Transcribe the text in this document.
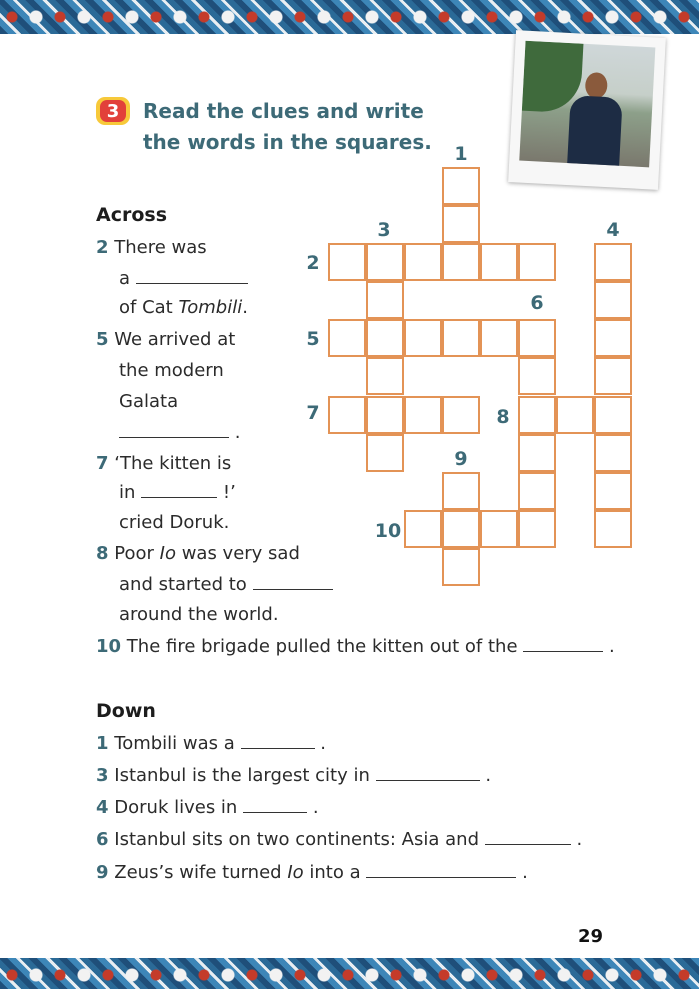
3	Read the clues and write
the words in the squares.
Across
2 There was
a
of Cat Tombili.
5 We arrived at
the modern
Galata
.
7 ‘The kitten is
in	!’
cried Doruk.
8 Poor Io was very sad
and started to
around the world.
10 The fire brigade pulled the kitten out of the	.
Down
1 Tombili was a	.
3 Istanbul is the largest city in	.
4 Doruk lives in	.
6 Istanbul sits on two continents: Asia and	.
9 Zeus’s wife turned Io into a	.
1
2
3	4
5
6
7	8
9
10
29
